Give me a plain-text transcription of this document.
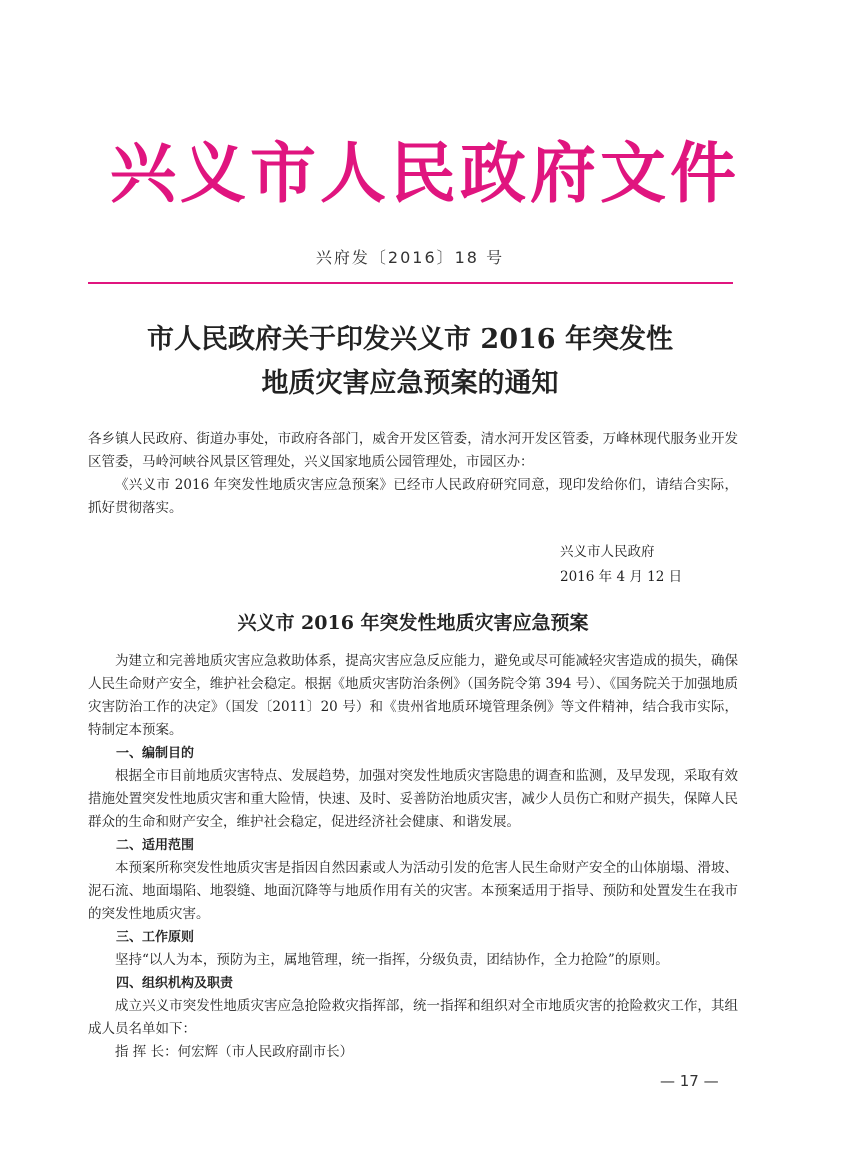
兴义市人民政府文件
兴府发〔2016〕18 号
市人民政府关于印发兴义市 2016 年突发性
地质灾害应急预案的通知

各乡镇人民政府、街道办事处，市政府各部门，威舍开发区管委，清水河开发区管委，万峰林现代服务业开发区管委，马岭河峡谷风景区管理处，兴义国家地质公园管理处，市园区办：

《兴义市 2016 年突发性地质灾害应急预案》已经市人民政府研究同意，现印发给你们，请结合实际，抓好贯彻落实。

兴义市人民政府
2016 年 4 月 12 日
兴义市 2016 年突发性地质灾害应急预案

为建立和完善地质灾害应急救助体系，提高灾害应急反应能力，避免或尽可能减轻灾害造成的损失，确保人民生命财产安全，维护社会稳定。根据《地质灾害防治条例》（国务院令第 394 号）、《国务院关于加强地质灾害防治工作的决定》（国发〔2011〕20 号）和《贵州省地质环境管理条例》等文件精神，结合我市实际，特制定本预案。

一、编制目的

根据全市目前地质灾害特点、发展趋势，加强对突发性地质灾害隐患的调查和监测，及早发现，采取有效措施处置突发性地质灾害和重大险情，快速、及时、妥善防治地质灾害，减少人员伤亡和财产损失，保障人民群众的生命和财产安全，维护社会稳定，促进经济社会健康、和谐发展。

二、适用范围

本预案所称突发性地质灾害是指因自然因素或人为活动引发的危害人民生命财产安全的山体崩塌、滑坡、泥石流、地面塌陷、地裂缝、地面沉降等与地质作用有关的灾害。本预案适用于指导、预防和处置发生在我市的突发性地质灾害。

三、工作原则

坚持“以人为本，预防为主，属地管理，统一指挥，分级负责，团结协作，全力抢险”的原则。

四、组织机构及职责

成立兴义市突发性地质灾害应急抢险救灾指挥部，统一指挥和组织对全市地质灾害的抢险救灾工作，其组成人员名单如下：

指 挥 长：何宏辉（市人民政府副市长）

— 17 —
